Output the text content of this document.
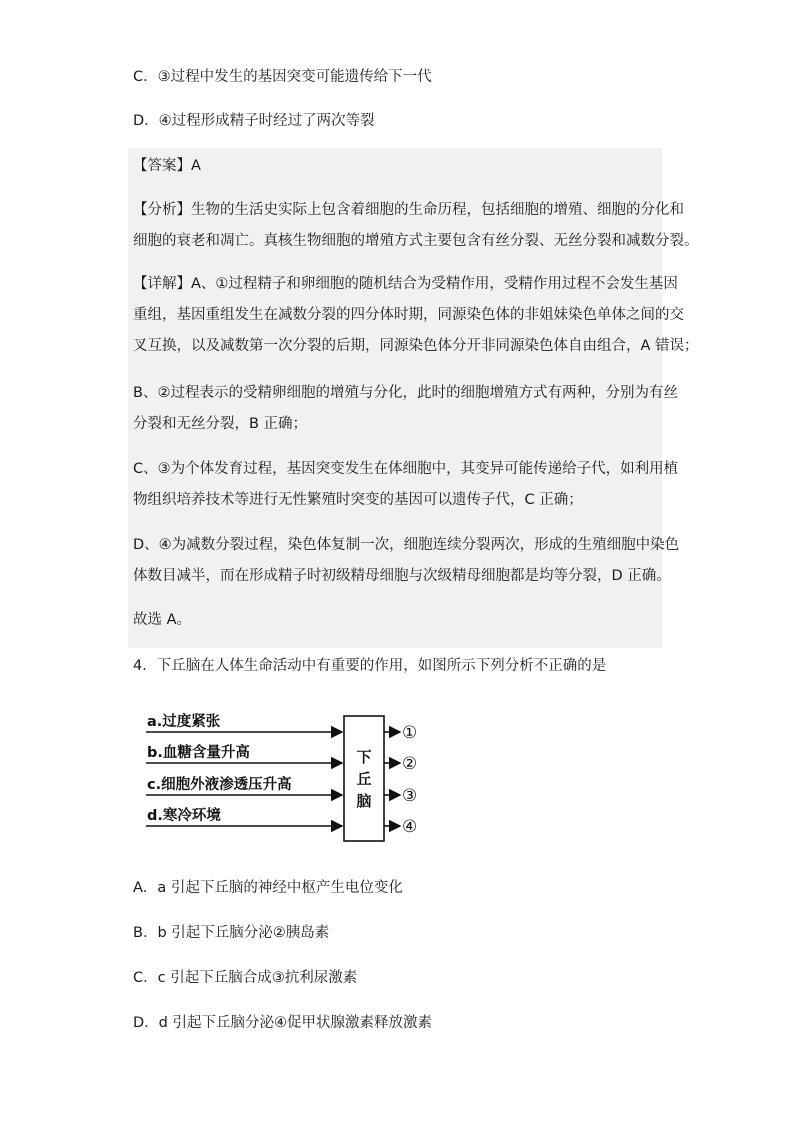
C．③过程中发生的基因突变可能遗传给下一代
D．④过程形成精子时经过了两次等裂
【答案】A
【分析】生物的生活史实际上包含着细胞的生命历程，包括细胞的增殖、细胞的分化和
细胞的衰老和凋亡。真核生物细胞的增殖方式主要包含有丝分裂、无丝分裂和减数分裂。
【详解】A、①过程精子和卵细胞的随机结合为受精作用，受精作用过程不会发生基因
重组，基因重组发生在减数分裂的四分体时期，同源染色体的非姐妹染色单体之间的交
叉互换，以及减数第一次分裂的后期，同源染色体分开非同源染色体自由组合，A 错误；
B、②过程表示的受精卵细胞的增殖与分化，此时的细胞增殖方式有两种，分别为有丝
分裂和无丝分裂，B 正确；
C、③为个体发育过程，基因突变发生在体细胞中，其变异可能传递给子代，如利用植
物组织培养技术等进行无性繁殖时突变的基因可以遗传子代，C 正确；
D、④为减数分裂过程，染色体复制一次，细胞连续分裂两次，形成的生殖细胞中染色
体数目减半，而在形成精子时初级精母细胞与次级精母细胞都是均等分裂，D 正确。
故选 A。
4．下丘脑在人体生命活动中有重要的作用，如图所示下列分析不正确的是
a.过度紧张
b.血糖含量升高
c.细胞外液渗透压升高
d.寒冷环境
下
丘
脑
①
②
③
④
A．a 引起下丘脑的神经中枢产生电位变化
B．b 引起下丘脑分泌②胰岛素
C．c 引起下丘脑合成③抗利尿激素
D．d 引起下丘脑分泌④促甲状腺激素释放激素
